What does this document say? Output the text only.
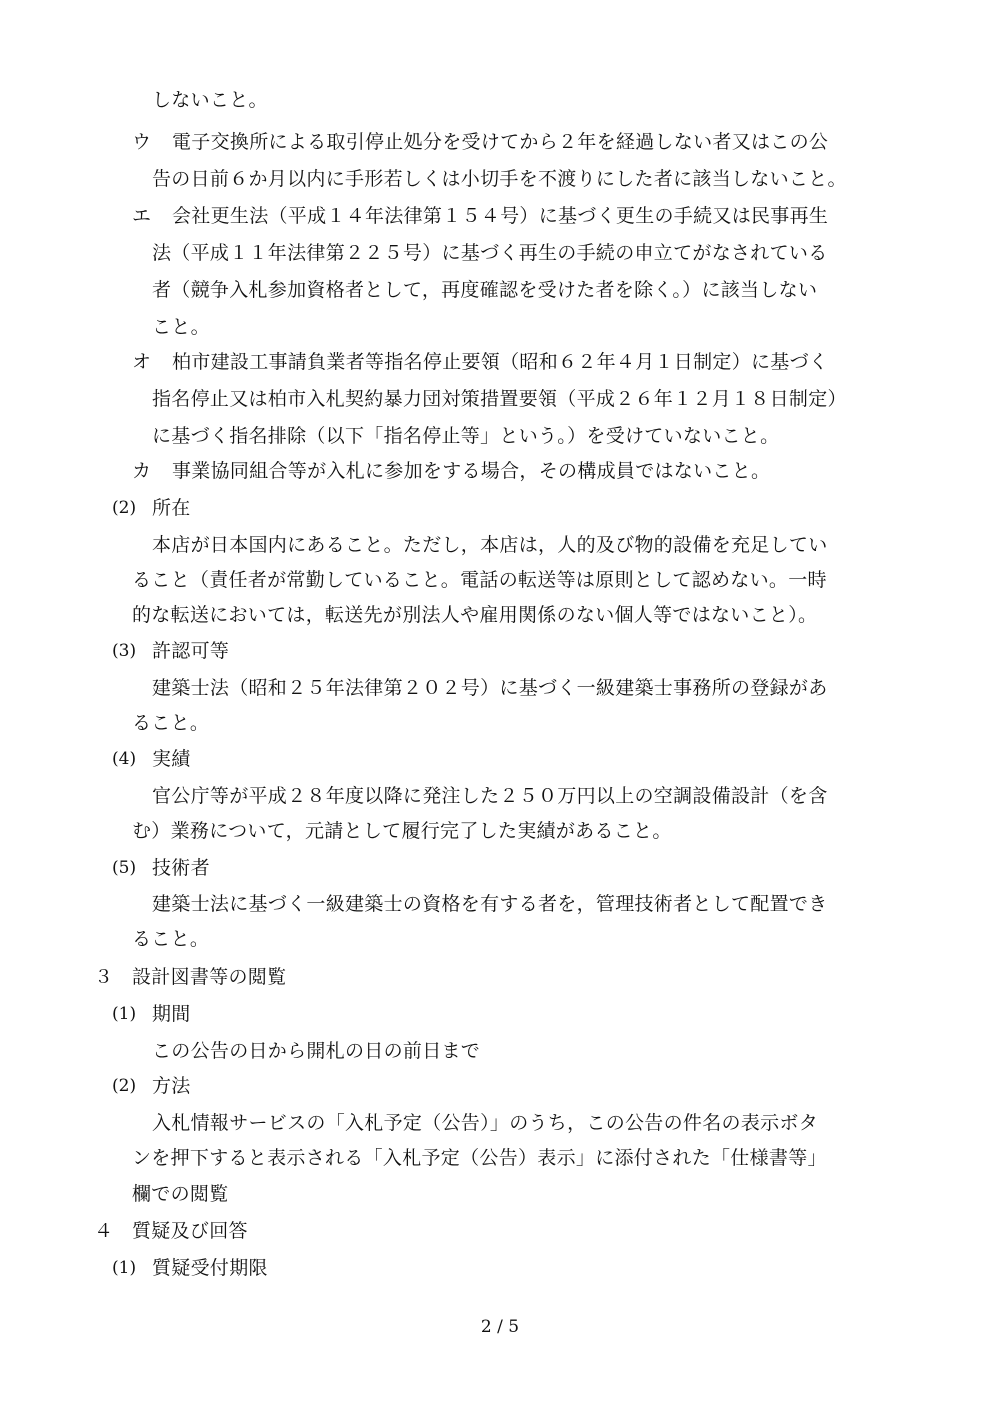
しないこと。
ウ 電子交換所による取引停止処分を受けてから２年を経過しない者又はこの公
告の日前６か月以内に手形若しくは小切手を不渡りにした者に該当しないこと。
エ 会社更生法（平成１４年法律第１５４号）に基づく更生の手続又は民事再生
法（平成１１年法律第２２５号）に基づく再生の手続の申立てがなされている
者（競争入札参加資格者として，再度確認を受けた者を除く。）に該当しない
こと。
オ 柏市建設工事請負業者等指名停止要領（昭和６２年４月１日制定）に基づく
指名停止又は柏市入札契約暴力団対策措置要領（平成２６年１２月１８日制定）
に基づく指名排除（以下「指名停止等」という。）を受けていないこと。
カ 事業協同組合等が入札に参加をする場合，その構成員ではないこと。
(2) 所在
本店が日本国内にあること。ただし，本店は，人的及び物的設備を充足してい
ること（責任者が常勤していること。電話の転送等は原則として認めない。一時
的な転送においては，転送先が別法人や雇用関係のない個人等ではないこと）。
(3) 許認可等
建築士法（昭和２５年法律第２０２号）に基づく一級建築士事務所の登録があ
ること。
(4) 実績
官公庁等が平成２８年度以降に発注した２５０万円以上の空調設備設計（を含
む）業務について，元請として履行完了した実績があること。
(5) 技術者
建築士法に基づく一級建築士の資格を有する者を，管理技術者として配置でき
ること。
３ 設計図書等の閲覧
(1) 期間
この公告の日から開札の日の前日まで
(2) 方法
入札情報サービスの「入札予定（公告）」のうち，この公告の件名の表示ボタ
ンを押下すると表示される「入札予定（公告）表示」に添付された「仕様書等」
欄での閲覧
４ 質疑及び回答
(1) 質疑受付期限
2 / 5
